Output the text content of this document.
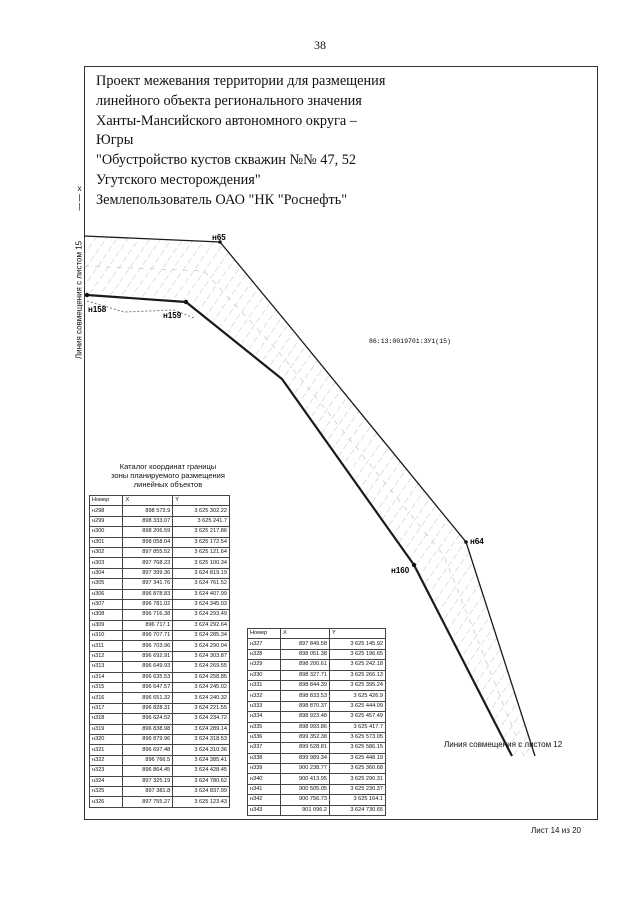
38
Проект межевания территории для размещения
линейного объекта регионального значения
Ханты-Мансийского автономного округа –
Югры
"Обустройство кустов скважин №№ 47, 52
Угутского месторождения"
Землепользователь ОАО "НК "Роснефть"
x
|
|
Линия совмещения с листом 15
н65
н158
н159
н64
н160
86:13:0019701:3У1(15)
Каталог координат границы
зоны планируемого размещения
линейных объектов
Номер	X	Y
н298	898 573.9	3 625 302.22
н299	898 333.07	3 625 241.7
н300	898 206.59	3 625 217.86
н301	898 058.04	3 625 172.54
н302	897 855.52	3 625 121.64
н303	897 768.23	3 625 100.34
н304	897 399.36	3 624 819.19
н305	897 341.76	3 624 761.52
н306	896 878.83	3 624 407.99
н307	896 781.02	3 624 345.03
н308	896 716.38	3 624 293.49
н309	896 717.1	3 624 292.64
н310	896 707.71	3 624 285.34
н311	896 703.96	3 624 290.04
н312	896 692.91	3 624 303.87
н313	896 649.93	3 624 269.55
н314	896 635.53	3 624 258.85
н315	896 647.57	3 624 245.02
н316	896 651.32	3 624 240.32
н317	896 828.31	3 624 221.55
н318	896 624.52	3 624 234.72
н319	896 838.98	3 624 289.14
н320	896 879.96	3 624 318.53
н321	896 697.48	3 624 310.36
н322	896 766.5	3 624 385.41
н323	896 864.45	3 624 428.45
н324	897 325.19	3 624 780.62
н325	897 381.8	3 624 837.99
н326	897 755.27	3 625 123.43
Номер	X	Y
н327	897 849.58	3 625 145.92
н328	898 051.38	3 625 196.65
н329	898 200.61	3 625 242.18
н330	898 327.71	3 625 266.13
н331	898 844.39	3 625 395.24
н332	898 833.53	3 625 426.9
н333	898 870.37	3 625 444.09
н334	898 923.48	3 625 457.49
н335	898 993.86	3 625 417.7
н336	899 352.38	3 625 573.05
н337	899 528.81	3 625 586.15
н338	899 989.34	3 625 448.19
н339	900 238.77	3 625 360.68
н340	900 413.95	3 625 290.31
н341	900 505.05	3 625 230.37
н342	900 756.73	3 625 164.1
н343	901 096.2	3 624 730.65
Линия совмещения с листом 12
Лист 14 из 20
